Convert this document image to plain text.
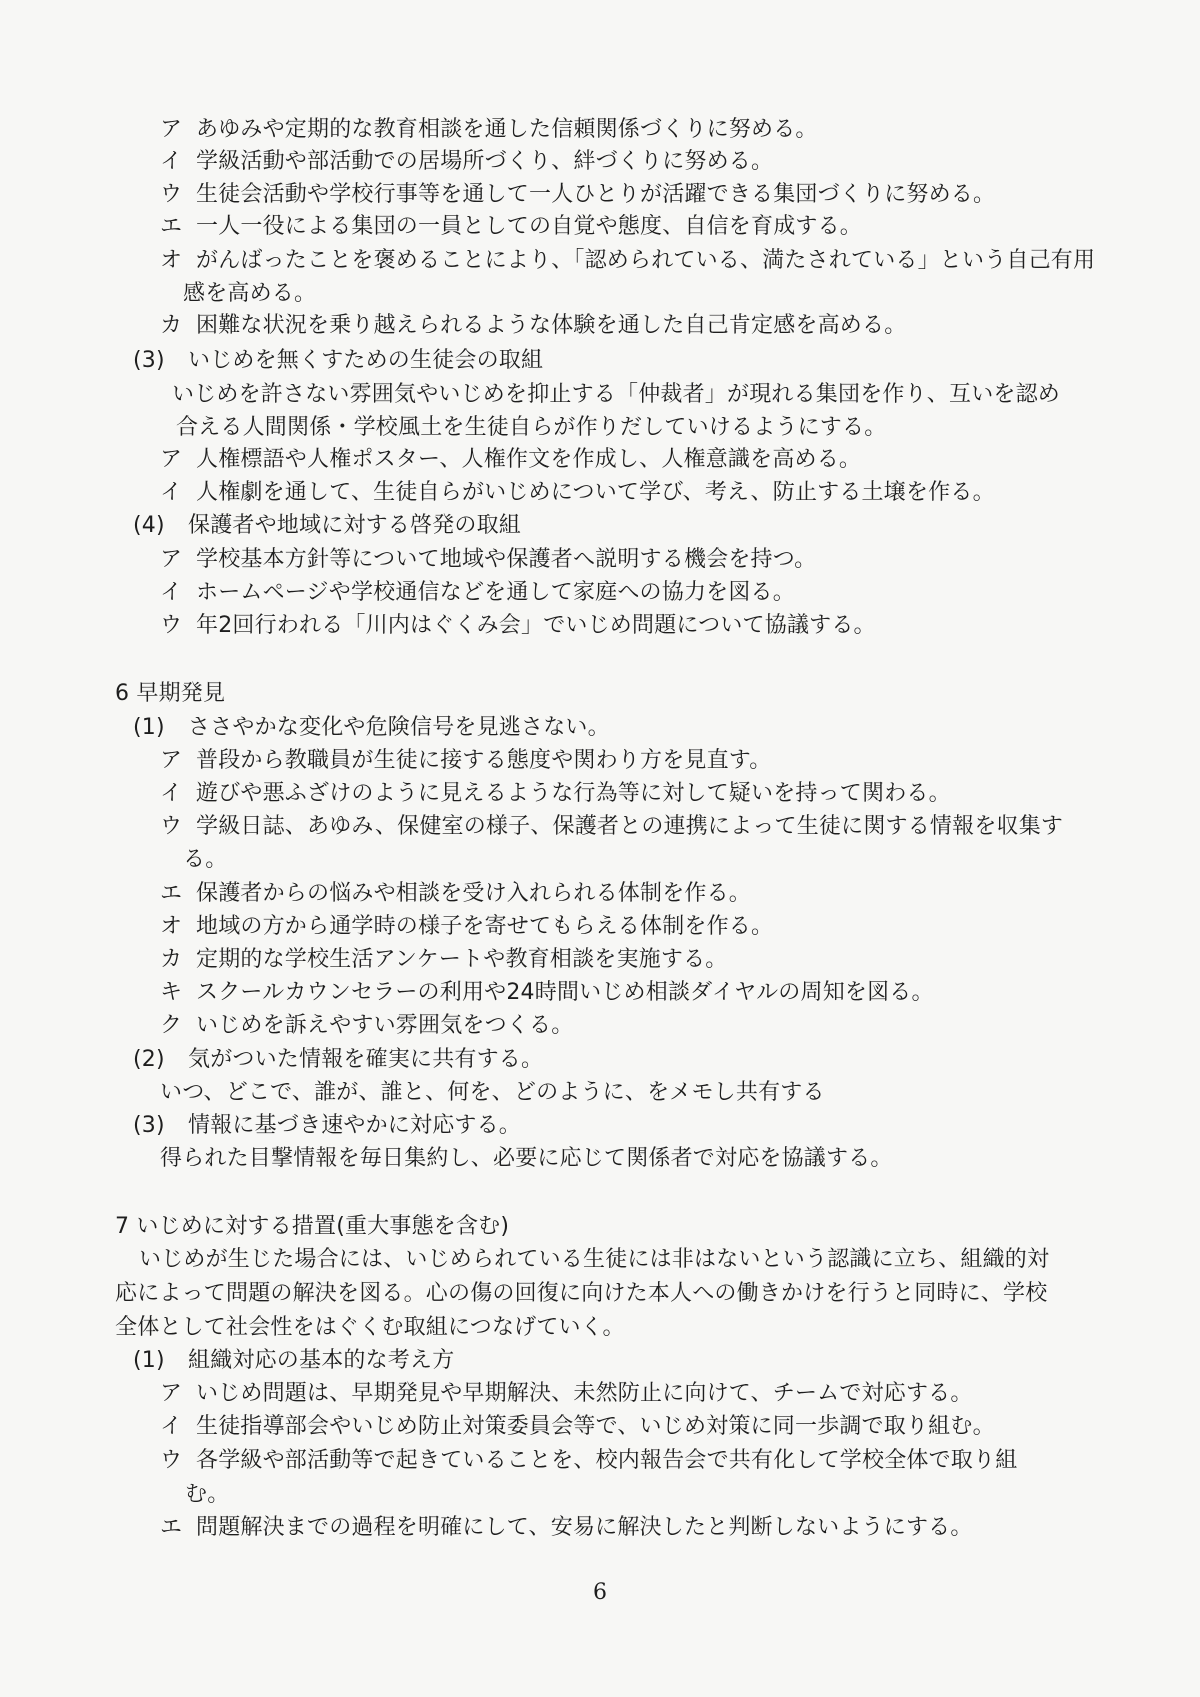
ア あゆみや定期的な教育相談を通した信頼関係づくりに努める。
イ 学級活動や部活動での居場所づくり、絆づくりに努める。
ウ 生徒会活動や学校行事等を通して一人ひとりが活躍できる集団づくりに努める。
エ 一人一役による集団の一員としての自覚や態度、自信を育成する。
オ がんばったことを褒めることにより、「認められている、満たされている」という自己有用
感を高める。
カ 困難な状況を乗り越えられるような体験を通した自己肯定感を高める。
(3) いじめを無くすための生徒会の取組
いじめを許さない雰囲気やいじめを抑止する「仲裁者」が現れる集団を作り、互いを認め
合える人間関係・学校風土を生徒自らが作りだしていけるようにする。
ア 人権標語や人権ポスター、人権作文を作成し、人権意識を高める。
イ 人権劇を通して、生徒自らがいじめについて学び、考え、防止する土壌を作る。
(4) 保護者や地域に対する啓発の取組
ア 学校基本方針等について地域や保護者へ説明する機会を持つ。
イ ホームページや学校通信などを通して家庭への協力を図る。
ウ 年2回行われる「川内はぐくみ会」でいじめ問題について協議する。
6 早期発見
(1) ささやかな変化や危険信号を見逃さない。
ア 普段から教職員が生徒に接する態度や関わり方を見直す。
イ 遊びや悪ふざけのように見えるような行為等に対して疑いを持って関わる。
ウ 学級日誌、あゆみ、保健室の様子、保護者との連携によって生徒に関する情報を収集す
る。
エ 保護者からの悩みや相談を受け入れられる体制を作る。
オ 地域の方から通学時の様子を寄せてもらえる体制を作る。
カ 定期的な学校生活アンケートや教育相談を実施する。
キ スクールカウンセラーの利用や24時間いじめ相談ダイヤルの周知を図る。
ク いじめを訴えやすい雰囲気をつくる。
(2) 気がついた情報を確実に共有する。
いつ、どこで、誰が、誰と、何を、どのように、をメモし共有する
(3) 情報に基づき速やかに対応する。
得られた目撃情報を毎日集約し、必要に応じて関係者で対応を協議する。
7 いじめに対する措置(重大事態を含む)
いじめが生じた場合には、いじめられている生徒には非はないという認識に立ち、組織的対
応によって問題の解決を図る。心の傷の回復に向けた本人への働きかけを行うと同時に、学校
全体として社会性をはぐくむ取組につなげていく。
(1) 組織対応の基本的な考え方
ア いじめ問題は、早期発見や早期解決、未然防止に向けて、チームで対応する。
イ 生徒指導部会やいじめ防止対策委員会等で、いじめ対策に同一歩調で取り組む。
ウ 各学級や部活動等で起きていることを、校内報告会で共有化して学校全体で取り組
む。
エ 問題解決までの過程を明確にして、安易に解決したと判断しないようにする。
6
